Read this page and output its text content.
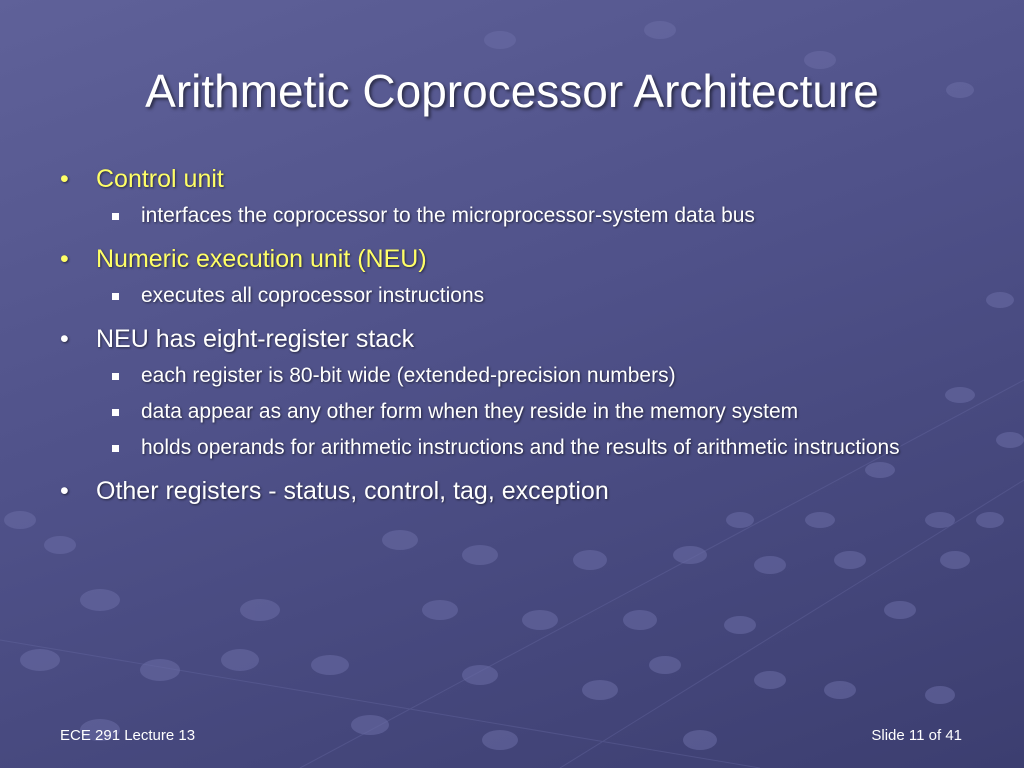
Arithmetic Coprocessor Architecture
• Control unit
interfaces the coprocessor to the microprocessor-system data bus
• Numeric execution unit (NEU)
executes all coprocessor instructions
• NEU has eight-register stack
each register is 80-bit wide (extended-precision numbers)
data appear as any other form when they reside in the memory system
holds operands for arithmetic instructions and the results of arithmetic instructions
• Other registers - status, control, tag, exception
ECE 291 Lecture 13	Slide 11 of 41
